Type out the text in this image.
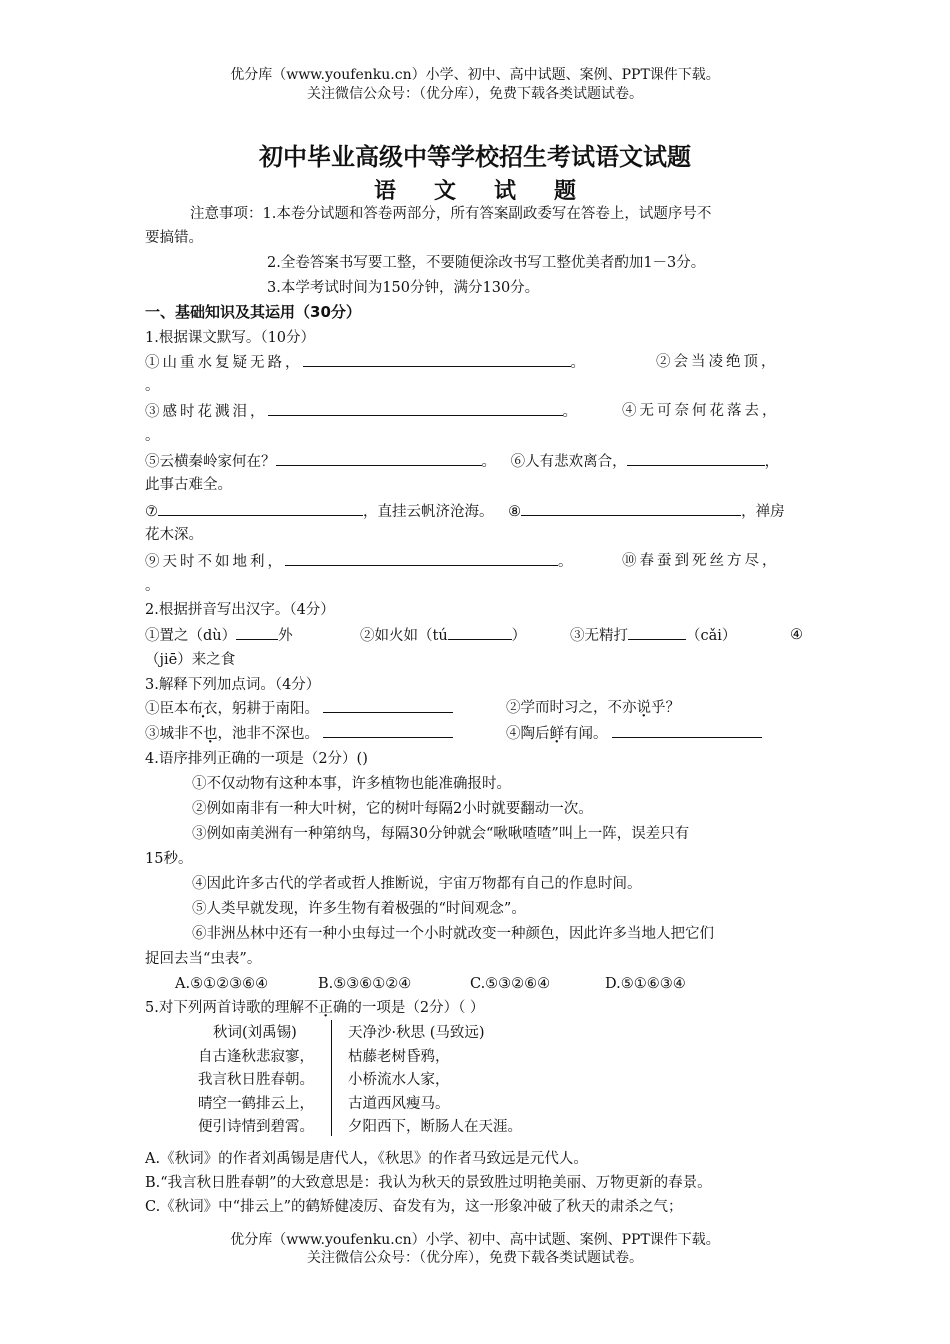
优分库（www.youfenku.cn）小学、初中、高中试题、案例、PPT课件下载。
关注微信公众号：（优分库），免费下载各类试题试卷。
初中毕业高级中等学校招生考试语文试题
语文试题
注意事项：1.本卷分试题和答卷两部分，所有答案副政委写在答卷上，试题序号不
要搞错。
2.全卷答案书写要工整，不要随便涂改书写工整优美者酌加1－3分。
3.本学考试时间为150分钟，满分130分。
一、基础知识及其运用（30分）
1.根据课文默写。（10分）
①山重水复疑无路，	。	②会当凌绝顶，
。
③感时花溅泪，	。	④无可奈何花落去，
。
⑤云横秦岭家何在？	。 ⑥人有悲欢离合，	，
此事古难全。
⑦	，直挂云帆济沧海。 ⑧	，禅房
花木深。
⑨天时不如地利，	。	⑩春蚕到死丝方尽，
。
2.根据拼音写出汉字。（4分）
①置之（dù）	外	②如火如（tú	）	③无精打	（cǎi）	④
（jiē）来之食
3.解释下列加点词。（4分）
①臣本布衣，躬耕于南阳。	②学而时习之，不亦说乎？
③城非不也，池非不深也。	④陶后鲜有闻。
4.语序排列正确的一项是（2分）()
①不仅动物有这种本事，许多植物也能准确报时。
②例如南非有一种大叶树，它的树叶每隔2小时就要翻动一次。
③例如南美洲有一种第纳鸟，每隔30分钟就会“啾啾喳喳”叫上一阵，误差只有
15秒。
④因此许多古代的学者或哲人推断说，宇宙万物都有自己的作息时间。
⑤人类早就发现，许多生物有着极强的“时间观念”。
⑥非洲丛林中还有一种小虫每过一个小时就改变一种颜色，因此许多当地人把它们
捉回去当“虫表”。
A.⑤①②③⑥④	B.⑤③⑥①②④	C.⑤③②⑥④	D.⑤①⑥③④
5.对下列两首诗歌的理解不正确的一项是（2分）（ ）
秋词(刘禹锡)
自古逢秋悲寂寥，
我言秋日胜春朝。
晴空一鹤排云上，
便引诗情到碧霄。
天净沙·秋思 (马致远)
枯藤老树昏鸦，
小桥流水人家，
古道西风瘦马。
夕阳西下，断肠人在天涯。
A.《秋词》的作者刘禹锡是唐代人，《秋思》的作者马致远是元代人。
B.“我言秋日胜春朝”的大致意思是：我认为秋天的景致胜过明艳美丽、万物更新的春景。
C.《秋词》中“排云上”的鹤矫健凌厉、奋发有为，这一形象冲破了秋天的肃杀之气；
优分库（www.youfenku.cn）小学、初中、高中试题、案例、PPT课件下载。
关注微信公众号：（优分库），免费下载各类试题试卷。
